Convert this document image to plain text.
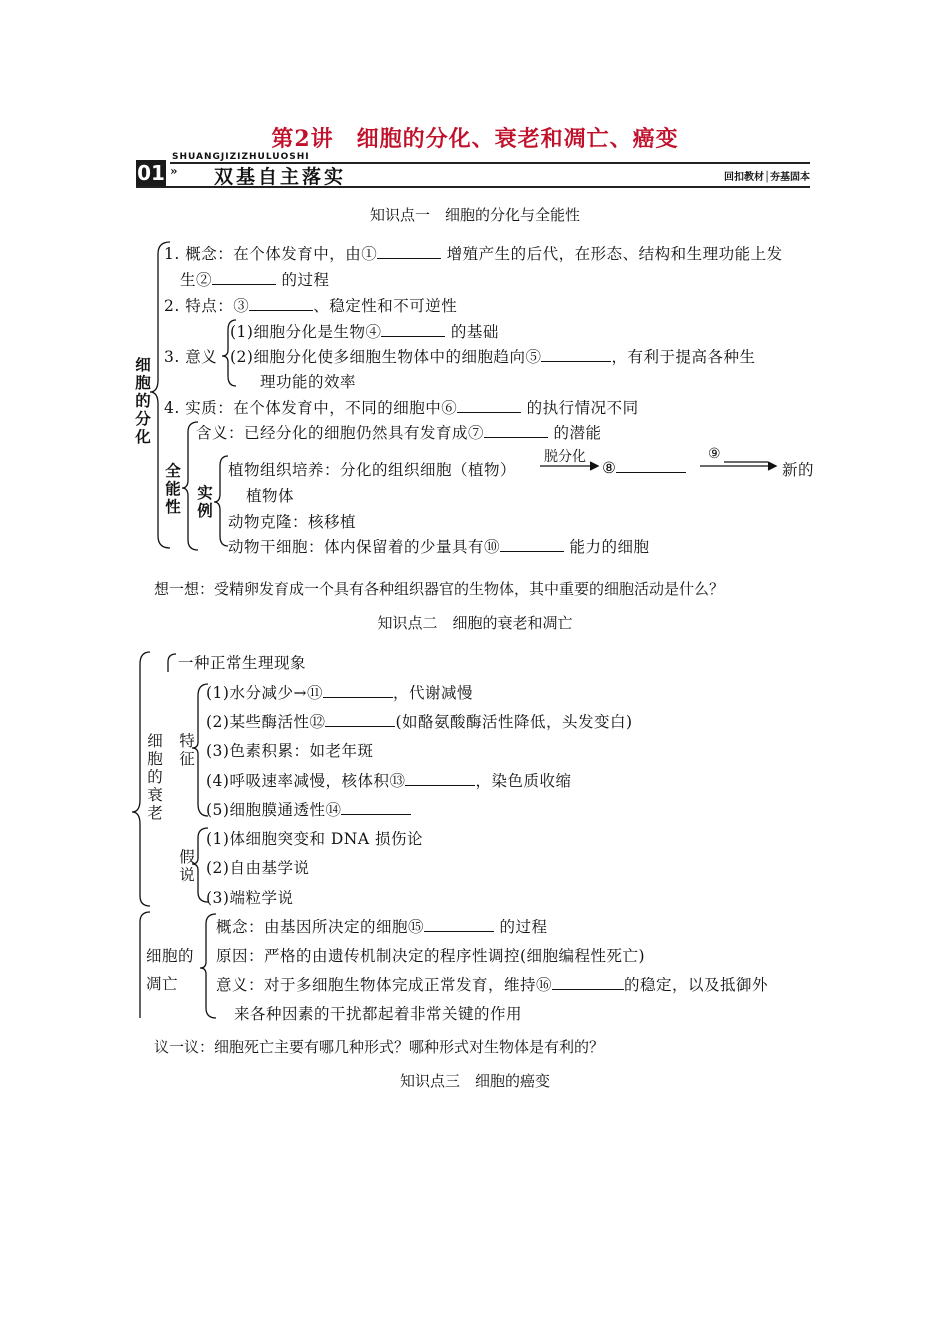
第2讲　细胞的分化、衰老和凋亡、癌变
SHUANGJIZIZHULUOSHI
01 » 双基自主落实	回扣教材│夯基固本
知识点一　细胞的分化与全能性
细胞的分化
1. 概念：在个体发育中，由①	增殖产生的后代，在形态、结构和生理功能上发
生②	的过程
2. 特点：③	、稳定性和不可逆性
3. 意义
(1)细胞分化是生物④	的基础
(2)细胞分化使多细胞生物体中的细胞趋向⑤	，有利于提高各种生
理功能的效率
4. 实质：在个体发育中，不同的细胞中⑥	的执行情况不同
全能性
含义：已经分化的细胞仍然具有发育成⑦	的潜能
实例
植物组织培养：分化的组织细胞（植物）
脱分化
⑧
⑨
新的
植物体
动物克隆：核移植
动物干细胞：体内保留着的少量具有⑩	能力的细胞
想一想：受精卵发育成一个具有各种组织器官的生物体，其中重要的细胞活动是什么？
知识点二　细胞的衰老和凋亡
细胞的衰老
一种正常生理现象
特征
(1)水分减少→⑪	，代谢减慢
(2)某些酶活性⑫	(如酪氨酸酶活性降低，头发变白)
(3)色素积累：如老年斑
(4)呼吸速率减慢，核体积⑬	，染色质收缩
(5)细胞膜通透性⑭
假说
(1)体细胞突变和 DNA 损伤论
(2)自由基学说
(3)端粒学说
细胞的
凋亡
概念：由基因所决定的细胞⑮	的过程
原因：严格的由遗传机制决定的程序性调控(细胞编程性死亡)
意义：对于多细胞生物体完成正常发育，维持⑯	的稳定，以及抵御外
来各种因素的干扰都起着非常关键的作用
议一议：细胞死亡主要有哪几种形式？哪种形式对生物体是有利的？
知识点三　细胞的癌变
